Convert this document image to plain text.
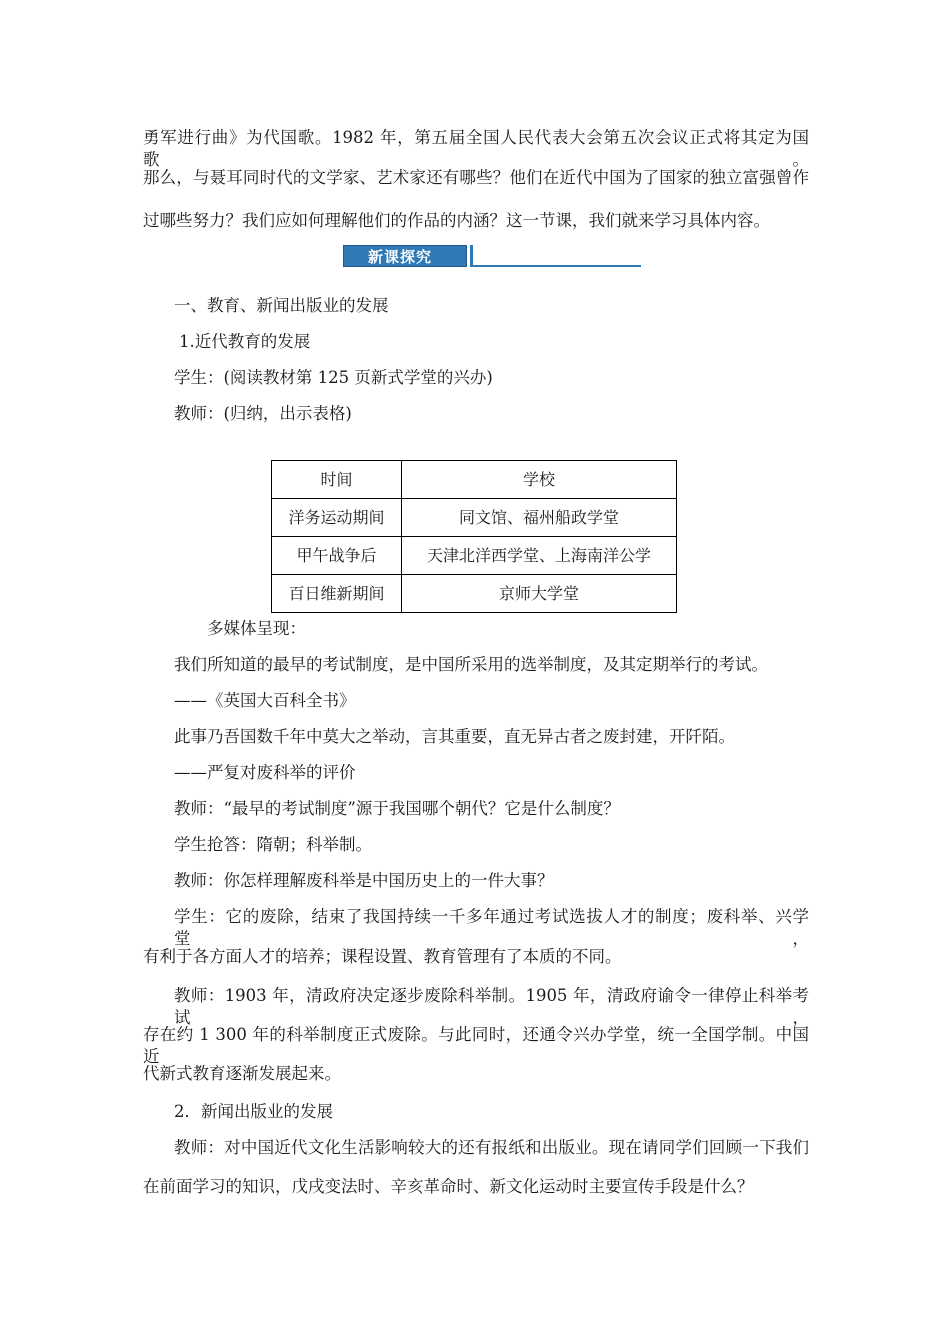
勇军进行曲》为代国歌。1982 年，第五届全国人民代表大会第五次会议正式将其定为国歌。
那么，与聂耳同时代的文学家、艺术家还有哪些？他们在近代中国为了国家的独立富强曾作
过哪些努力？我们应如何理解他们的作品的内涵？这一节课，我们就来学习具体内容。
新课探究
一、教育、新闻出版业的发展
1.近代教育的发展
学生：(阅读教材第 125 页新式学堂的兴办)
教师：(归纳，出示表格)
时间	学校
洋务运动期间	同文馆、福州船政学堂
甲午战争后	天津北洋西学堂、上海南洋公学
百日维新期间	京师大学堂
多媒体呈现：
我们所知道的最早的考试制度，是中国所采用的选举制度，及其定期举行的考试。
——《英国大百科全书》
此事乃吾国数千年中莫大之举动，言其重要，直无异古者之废封建，开阡陌。
——严复对废科举的评价
教师：“最早的考试制度”源于我国哪个朝代？它是什么制度？
学生抢答：隋朝；科举制。
教师：你怎样理解废科举是中国历史上的一件大事？
学生：它的废除，结束了我国持续一千多年通过考试选拔人才的制度；废科举、兴学堂，
有利于各方面人才的培养；课程设置、教育管理有了本质的不同。
教师：1903 年，清政府决定逐步废除科举制。1905 年，清政府谕令一律停止科举考试，
存在约 1 300 年的科举制度正式废除。与此同时，还通令兴办学堂，统一全国学制。中国近
代新式教育逐渐发展起来。
2．新闻出版业的发展
教师：对中国近代文化生活影响较大的还有报纸和出版业。现在请同学们回顾一下我们
在前面学习的知识，戊戌变法时、辛亥革命时、新文化运动时主要宣传手段是什么？
